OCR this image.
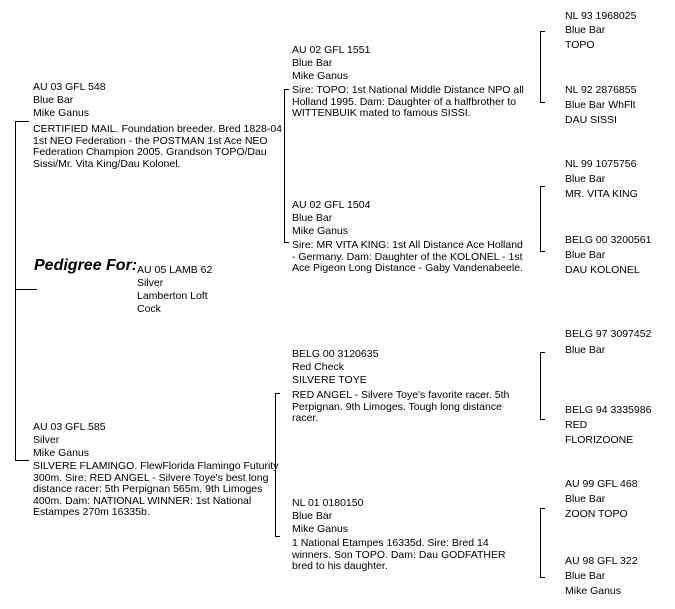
Pedigree For: AU 05 LAMB 62
Silver
Lamberton Loft
Cock
AU 03 GFL 548
Blue Bar
Mike Ganus
CERTIFIED MAIL. Foundation breeder. Bred 1828-04 1st NEO Federation - the POSTMAN 1st Ace NEO Federation Champion 2005. Grandson TOPO/Dau Sissi/Mr. Vita King/Dau Kolonel.
AU 03 GFL 585
Silver
Mike Ganus
SILVERE FLAMINGO. FlewFlorida Flamingo Futurity 300m. Sire: RED ANGEL - Silvere Toye's best long distance racer: 5th Perpignan 565m, 9th Limoges 400m. Dam: NATIONAL WINNER: 1st National Estampes 270m 16335b.
AU 02 GFL 1551
Blue Bar
Mike Ganus
Sire: TOPO: 1st National Middle Distance NPO all Holland 1995. Dam: Daughter of a halfbrother to WITTENBUIK mated to famous SISSI.
AU 02 GFL 1504
Blue Bar
Mike Ganus
Sire: MR VITA KING: 1st All Distance Ace Holland - Germany. Dam: Daughter of the KOLONEL - 1st Ace Pigeon Long Distance - Gaby Vandenabeele.
BELG 00 3120635
Red Check
SILVERE TOYE
RED ANGEL - Silvere Toye's favorite racer. 5th Perpignan. 9th Limoges. Tough long distance racer.
NL 01 0180150
Blue Bar
Mike Ganus
1 National Etampes 16335d. Sire: Bred 14 winners. Son TOPO. Dam: Dau GODFATHER bred to his daughter.
NL 93 1968025
Blue Bar
TOPO
NL 92 2876855
Blue Bar WhFlt
DAU SISSI
NL 99 1075756
Blue Bar
MR. VITA KING
BELG 00 3200561
Blue Bar
DAU KOLONEL
BELG 97 3097452
Blue Bar
BELG 94 3335986
RED
FLORIZOONE
AU 99 GFL 468
Blue Bar
ZOON TOPO
AU 98 GFL 322
Blue Bar
Mike Ganus
